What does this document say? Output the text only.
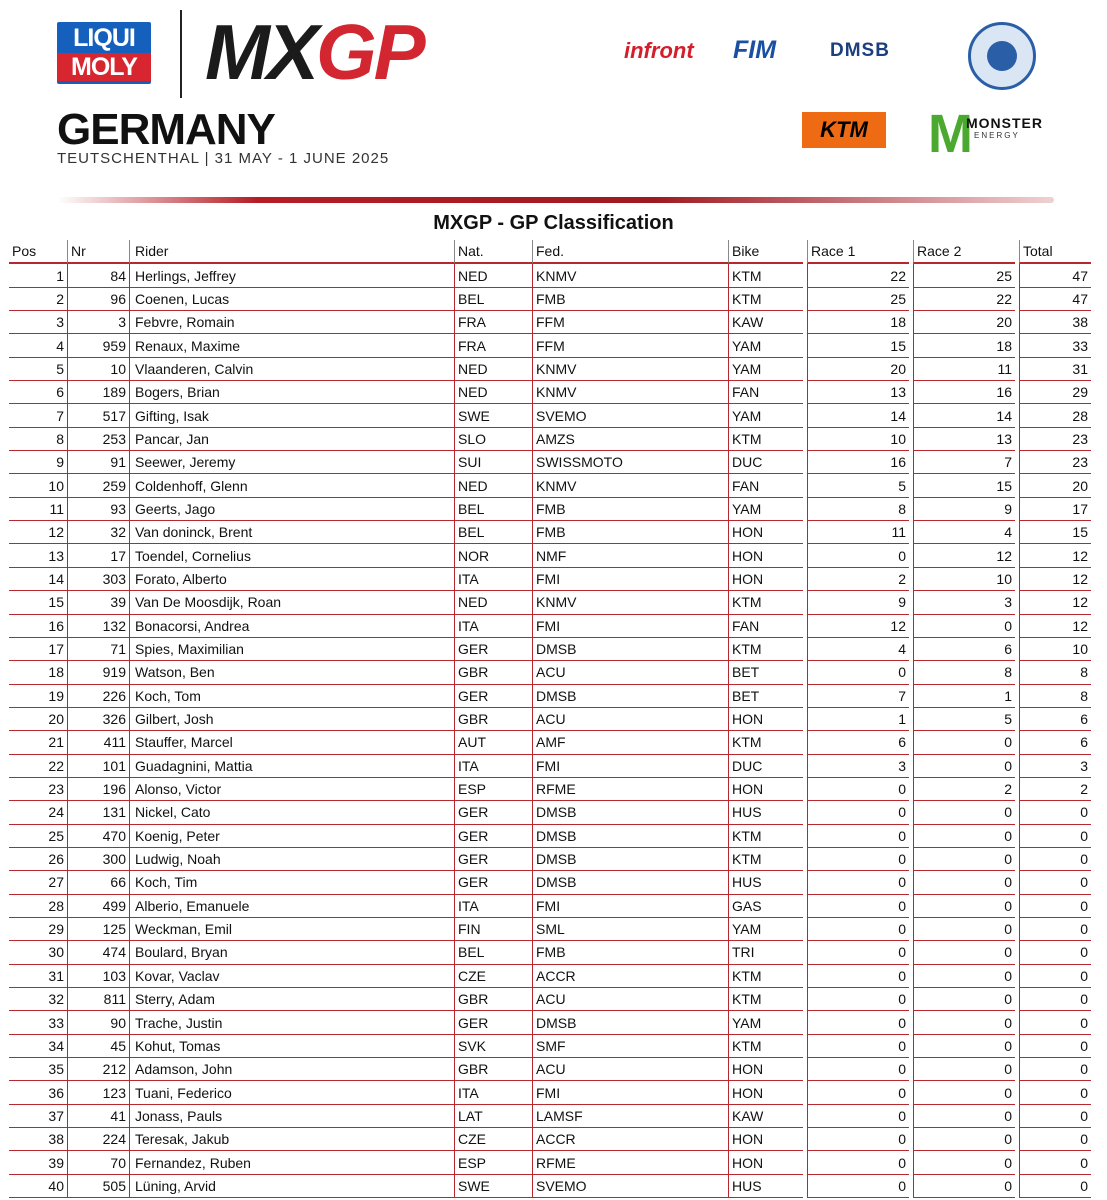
LIQUI
MOLY MXGP
GERMANY
TEUTSCHENTHAL | 31 MAY - 1 JUNE 2025
infront FIM	DMSB
KTM	M
MONSTER
ENERGY
MXGP - GP Classification
Pos	Nr	Rider	Nat.	Fed.	Bike		Race 1		Race 2		Total
1	84	Herlings, Jeffrey	NED	KNMV	KTM		22		25		47
2	96	Coenen, Lucas	BEL	FMB	KTM		25		22		47
3	3	Febvre, Romain	FRA	FFM	KAW		18		20		38
4	959	Renaux, Maxime	FRA	FFM	YAM		15		18		33
5	10	Vlaanderen, Calvin	NED	KNMV	YAM		20		11		31
6	189	Bogers, Brian	NED	KNMV	FAN		13		16		29
7	517	Gifting, Isak	SWE	SVEMO	YAM		14		14		28
8	253	Pancar, Jan	SLO	AMZS	KTM		10		13		23
9	91	Seewer, Jeremy	SUI	SWISSMOTO	DUC		16		7		23
10	259	Coldenhoff, Glenn	NED	KNMV	FAN		5		15		20
11	93	Geerts, Jago	BEL	FMB	YAM		8		9		17
12	32	Van doninck, Brent	BEL	FMB	HON		11		4		15
13	17	Toendel, Cornelius	NOR	NMF	HON		0		12		12
14	303	Forato, Alberto	ITA	FMI	HON		2		10		12
15	39	Van De Moosdijk, Roan	NED	KNMV	KTM		9		3		12
16	132	Bonacorsi, Andrea	ITA	FMI	FAN		12		0		12
17	71	Spies, Maximilian	GER	DMSB	KTM		4		6		10
18	919	Watson, Ben	GBR	ACU	BET		0		8		8
19	226	Koch, Tom	GER	DMSB	BET		7		1		8
20	326	Gilbert, Josh	GBR	ACU	HON		1		5		6
21	411	Stauffer, Marcel	AUT	AMF	KTM		6		0		6
22	101	Guadagnini, Mattia	ITA	FMI	DUC		3		0		3
23	196	Alonso, Victor	ESP	RFME	HON		0		2		2
24	131	Nickel, Cato	GER	DMSB	HUS		0		0		0
25	470	Koenig, Peter	GER	DMSB	KTM		0		0		0
26	300	Ludwig, Noah	GER	DMSB	KTM		0		0		0
27	66	Koch, Tim	GER	DMSB	HUS		0		0		0
28	499	Alberio, Emanuele	ITA	FMI	GAS		0		0		0
29	125	Weckman, Emil	FIN	SML	YAM		0		0		0
30	474	Boulard, Bryan	BEL	FMB	TRI		0		0		0
31	103	Kovar, Vaclav	CZE	ACCR	KTM		0		0		0
32	811	Sterry, Adam	GBR	ACU	KTM		0		0		0
33	90	Trache, Justin	GER	DMSB	YAM		0		0		0
34	45	Kohut, Tomas	SVK	SMF	KTM		0		0		0
35	212	Adamson, John	GBR	ACU	HON		0		0		0
36	123	Tuani, Federico	ITA	FMI	HON		0		0		0
37	41	Jonass, Pauls	LAT	LAMSF	KAW		0		0		0
38	224	Teresak, Jakub	CZE	ACCR	HON		0		0		0
39	70	Fernandez, Ruben	ESP	RFME	HON		0		0		0
40	505	Lüning, Arvid	SWE	SVEMO	HUS		0		0		0
